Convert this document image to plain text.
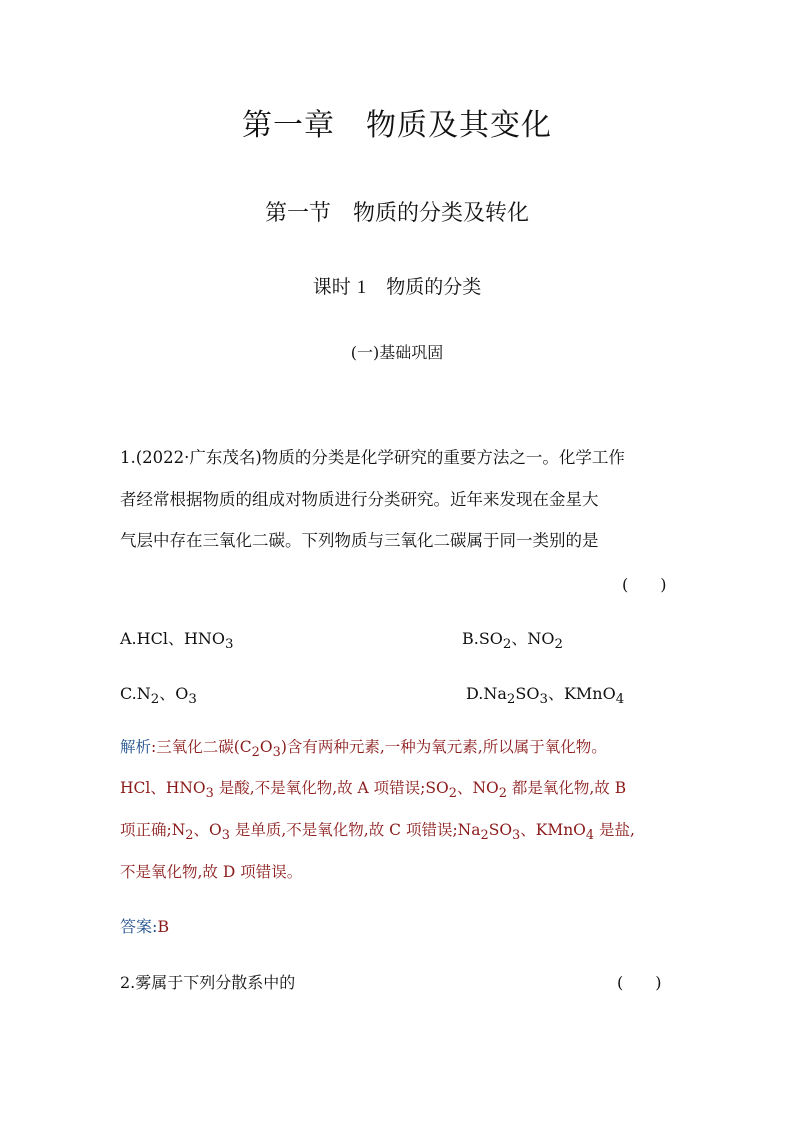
第一章　物质及其变化
第一节　物质的分类及转化
课时 1 物质的分类
(一)基础巩固
1.(2022·广东茂名)物质的分类是化学研究的重要方法之一。化学工作
者经常根据物质的组成对物质进行分类研究。近年来发现在金星大
气层中存在三氧化二碳。下列物质与三氧化二碳属于同一类别的是
(　　)
A.HCl、$HNO_3$	$B.SO_2$、$NO_2$
$C.N_2$、$O_3$	$D.Na_2SO_3$、KMnO$_4$
解析:三氧化二碳$(C_2O_3)$含有两种元素,一种为氧元素,所以属于氧化物。
HCl、$HNO_3$ 是酸,不是氧化物,故 A 项错误$;SO_2$、$NO_2$ 都是氧化物,故 B
项正确$;N_2$、$O_3$ 是单质,不是氧化物,故 C 项错误$;Na_2SO_3$、KMnO$_4$ 是盐,
不是氧化物,故 D 项错误。
答案:B
2.雾属于下列分散系中的	(　　)
